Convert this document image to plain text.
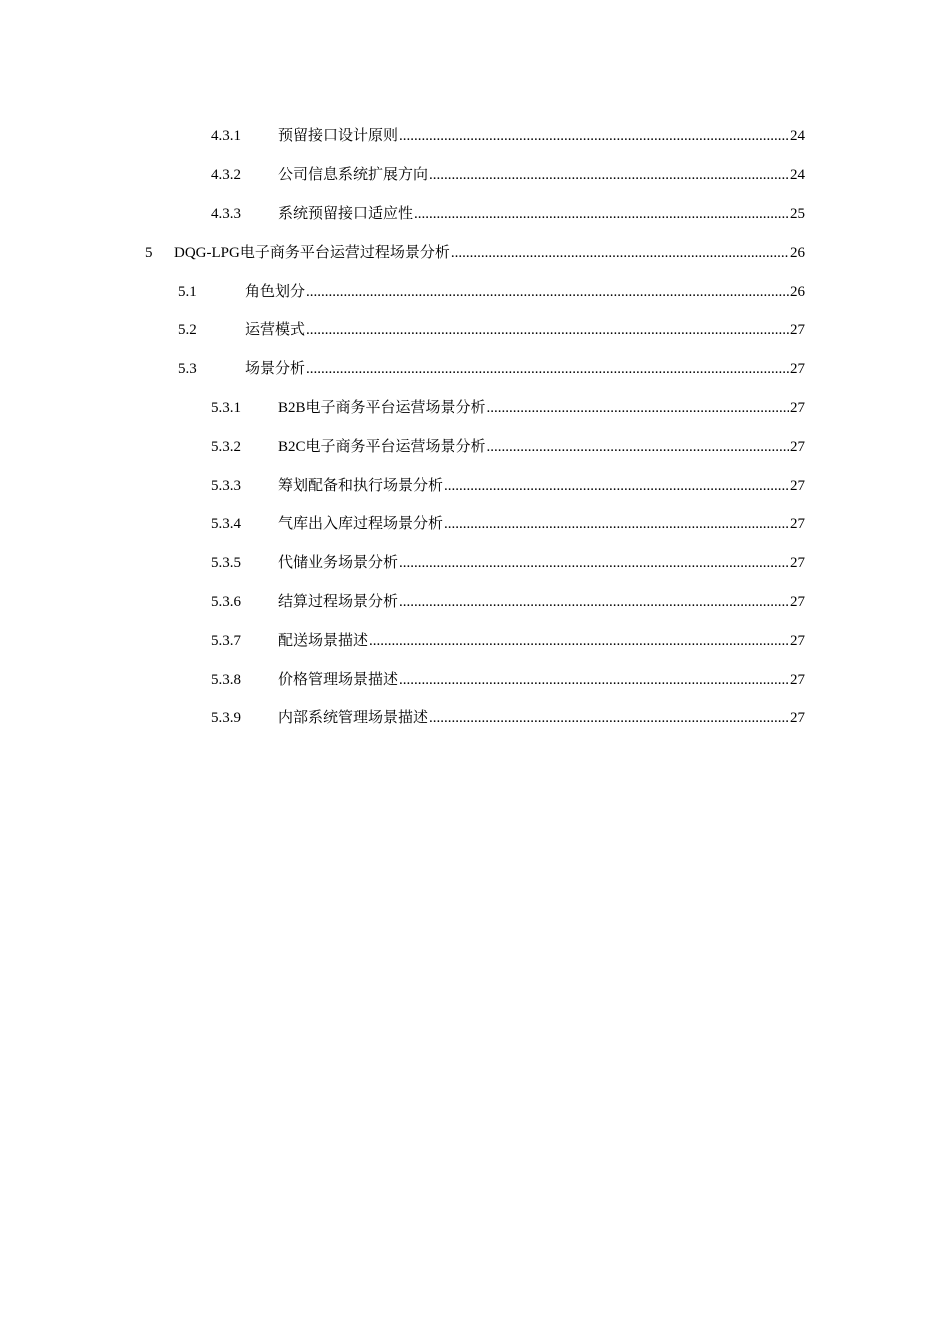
4.3.1	预留接口设计原则 .....	24
4.3.2	公司信息系统扩展方向 .....	24
4.3.3	系统预留接口适应性 .....	25
5	DQG-LPG电子商务平台运营过程场景分析 .....	26
5.1	角色划分 .....	26
5.2	运营模式 .....	27
5.3	场景分析 .....	27
5.3.1	B2B电子商务平台运营场景分析 .....	27
5.3.2	B2C电子商务平台运营场景分析 .....	27
5.3.3	筹划配备和执行场景分析 .....	27
5.3.4	气库出入库过程场景分析 .....	27
5.3.5	代储业务场景分析 .....	27
5.3.6	结算过程场景分析 .....	27
5.3.7	配送场景描述 .....	27
5.3.8	价格管理场景描述 .....	27
5.3.9	内部系统管理场景描述 .....	27
